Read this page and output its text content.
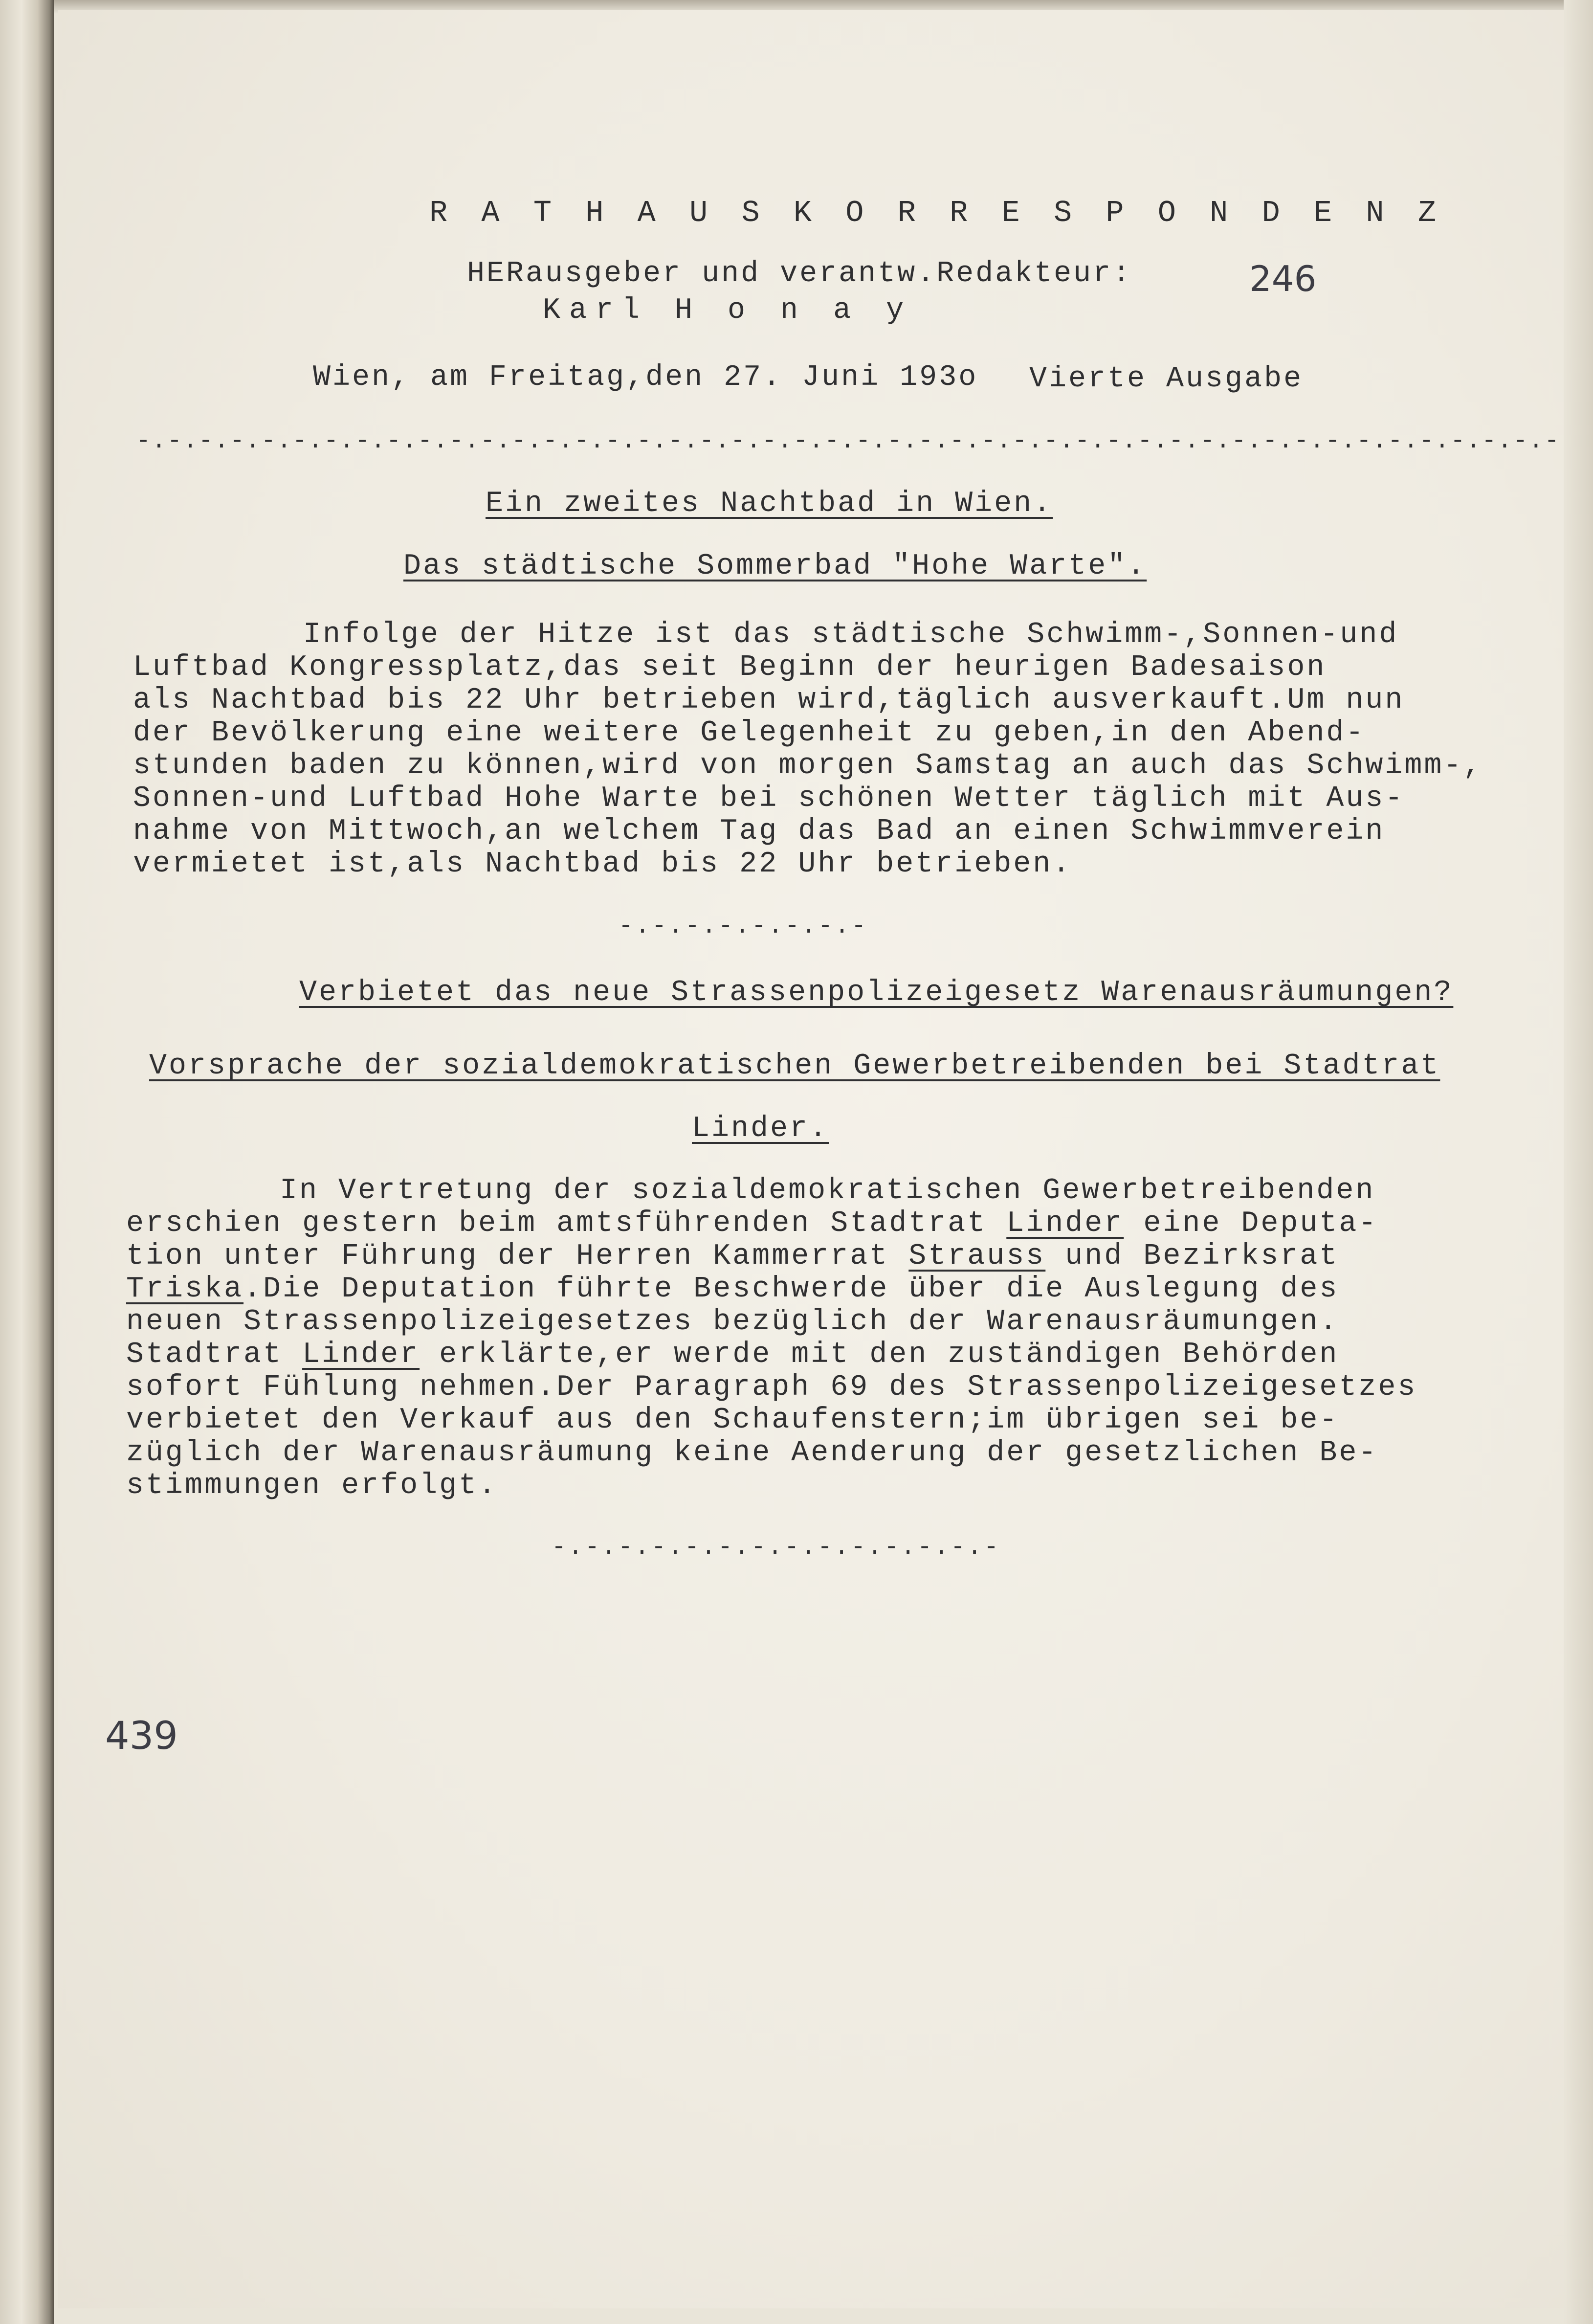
R A T H A U S K O R R E S P O N D E N Z
HERausgeber und verantw.Redakteur:
Karl H o n a y
246
Wien, am Freitag,den 27. Juni 193o Vierte Ausgabe
-.-.-.-.-.-.-.-.-.-.-.-.-.-.-.-.-.-.-.-.-.-.-.-.-.-.-.-.-.-.-.-.-.-.-.-.-.-.-.-.-.-.-.-.-.-
Ein zweites Nachtbad in Wien.
Das städtische Sommerbad "Hohe Warte".
Infolge der Hitze ist das städtische Schwimm-,Sonnen-und
Luftbad Kongressplatz,das seit Beginn der heurigen Badesaison
als Nachtbad bis 22 Uhr betrieben wird,täglich ausverkauft.Um nun
der Bevölkerung eine weitere Gelegenheit zu geben,in den Abend-
stunden baden zu können,wird von morgen Samstag an auch das Schwimm-,
Sonnen-und Luftbad Hohe Warte bei schönen Wetter täglich mit Aus-
nahme von Mittwoch,an welchem Tag das Bad an einen Schwimmverein
vermietet ist,als Nachtbad bis 22 Uhr betrieben.
-.-.-.-.-.-.-.-
Verbietet das neue Strassenpolizeigesetz Warenausräumungen?
Vorsprache der sozialdemokratischen Gewerbetreibenden bei Stadtrat
Linder.
In Vertretung der sozialdemokratischen Gewerbetreibenden
erschien gestern beim amtsführenden Stadtrat Linder eine Deputa-
tion unter Führung der Herren Kammerrat Strauss und Bezirksrat
Triska.Die Deputation führte Beschwerde über die Auslegung des
neuen Strassenpolizeigesetzes bezüglich der Warenausräumungen.
Stadtrat Linder erklärte,er werde mit den zuständigen Behörden
sofort Fühlung nehmen.Der Paragraph 69 des Strassenpolizeigesetzes
verbietet den Verkauf aus den Schaufenstern;im übrigen sei be-
züglich der Warenausräumung keine Aenderung der gesetzlichen Be-
stimmungen erfolgt.
-.-.-.-.-.-.-.-.-.-.-.-.-.-
439
